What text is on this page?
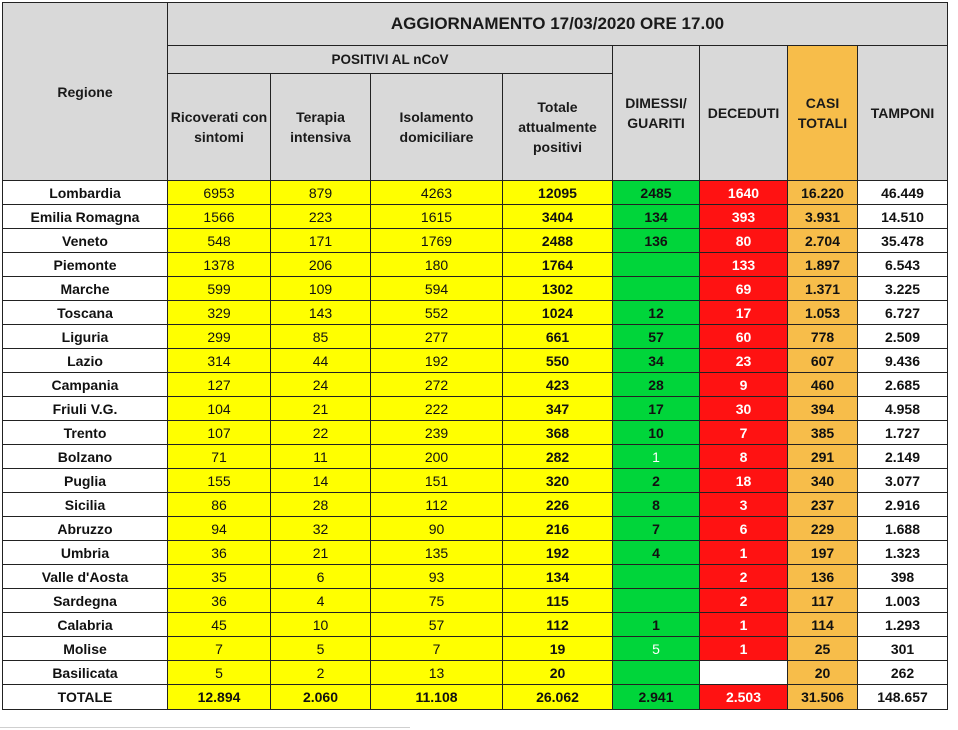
Regione	AGGIORNAMENTO 17/03/2020 ORE 17.00							
	POSITIVI AL nCoV				DIMESSI/ GUARITI	DECEDUTI	CASI TOTALI	TAMPONI
	Ricoverati con sintomi	Terapia intensiva	Isolamento domiciliare	Totale attualmente positivi				
Lombardia	6953	879	4263	12095	2485	1640	16.220	46.449
Emilia Romagna	1566	223	1615	3404	134	393	3.931	14.510
Veneto	548	171	1769	2488	136	80	2.704	35.478
Piemonte	1378	206	180	1764		133	1.897	6.543
Marche	599	109	594	1302		69	1.371	3.225
Toscana	329	143	552	1024	12	17	1.053	6.727
Liguria	299	85	277	661	57	60	778	2.509
Lazio	314	44	192	550	34	23	607	9.436
Campania	127	24	272	423	28	9	460	2.685
Friuli V.G.	104	21	222	347	17	30	394	4.958
Trento	107	22	239	368	10	7	385	1.727
Bolzano	71	11	200	282	1	8	291	2.149
Puglia	155	14	151	320	2	18	340	3.077
Sicilia	86	28	112	226	8	3	237	2.916
Abruzzo	94	32	90	216	7	6	229	1.688
Umbria	36	21	135	192	4	1	197	1.323
Valle d'Aosta	35	6	93	134		2	136	398
Sardegna	36	4	75	115		2	117	1.003
Calabria	45	10	57	112	1	1	114	1.293
Molise	7	5	7	19	5	1	25	301
Basilicata	5	2	13	20			20	262
TOTALE	12.894	2.060	11.108	26.062	2.941	2.503	31.506	148.657
